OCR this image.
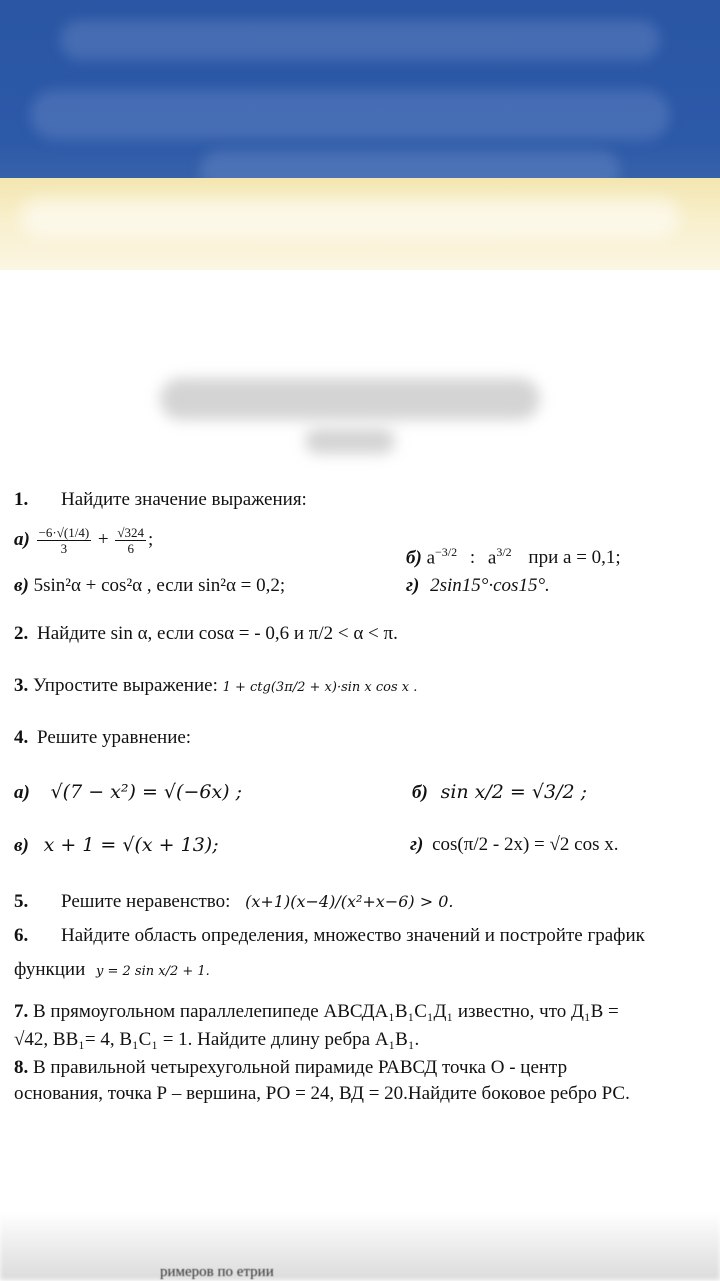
1. Найдите значение выражения:
$а) \frac{-6\cdot√(1/4)}{3} + \frac{√324}{6}$ ;
б) $a^{-3/2}$ : $a^{3/2}$ при а = 0,1;
в) 5sin²α + cos²α , если sin²α = 0,2;	г) 2sin15°·cos15°.
2. Найдите sin α, если cosα = - 0,6 и π/2 < α < π.
3. Упростите выражение: 1 + ctg(3π/2 + x)·sin x cos x .
4. Решите уравнение:
а) √(7 − x²) = √(−6x) ;	б) sin x/2 = √3/2 ;
в) x + 1 = √(x + 13);	г) cos(π/2 - 2x) = √2 cos x.
5. Решите неравенство: (x+1)(x−4)/(x²+x−6) > 0.
6. Найдите область определения, множество значений и постройте график
функции y = 2 sin x/2 + 1.
7. В прямоугольном параллелепипеде АВСДА₁В₁С₁Д₁ известно, что Д₁В =
√42, ВВ₁= 4, В₁С₁ = 1. Найдите длину ребра А₁В₁.
8. В правильной четырехугольной пирамиде РАВСД точка О - центр
основания, точка Р – вершина, РО = 24, ВД = 20.Найдите боковое ребро РС.
римеров по етрии
